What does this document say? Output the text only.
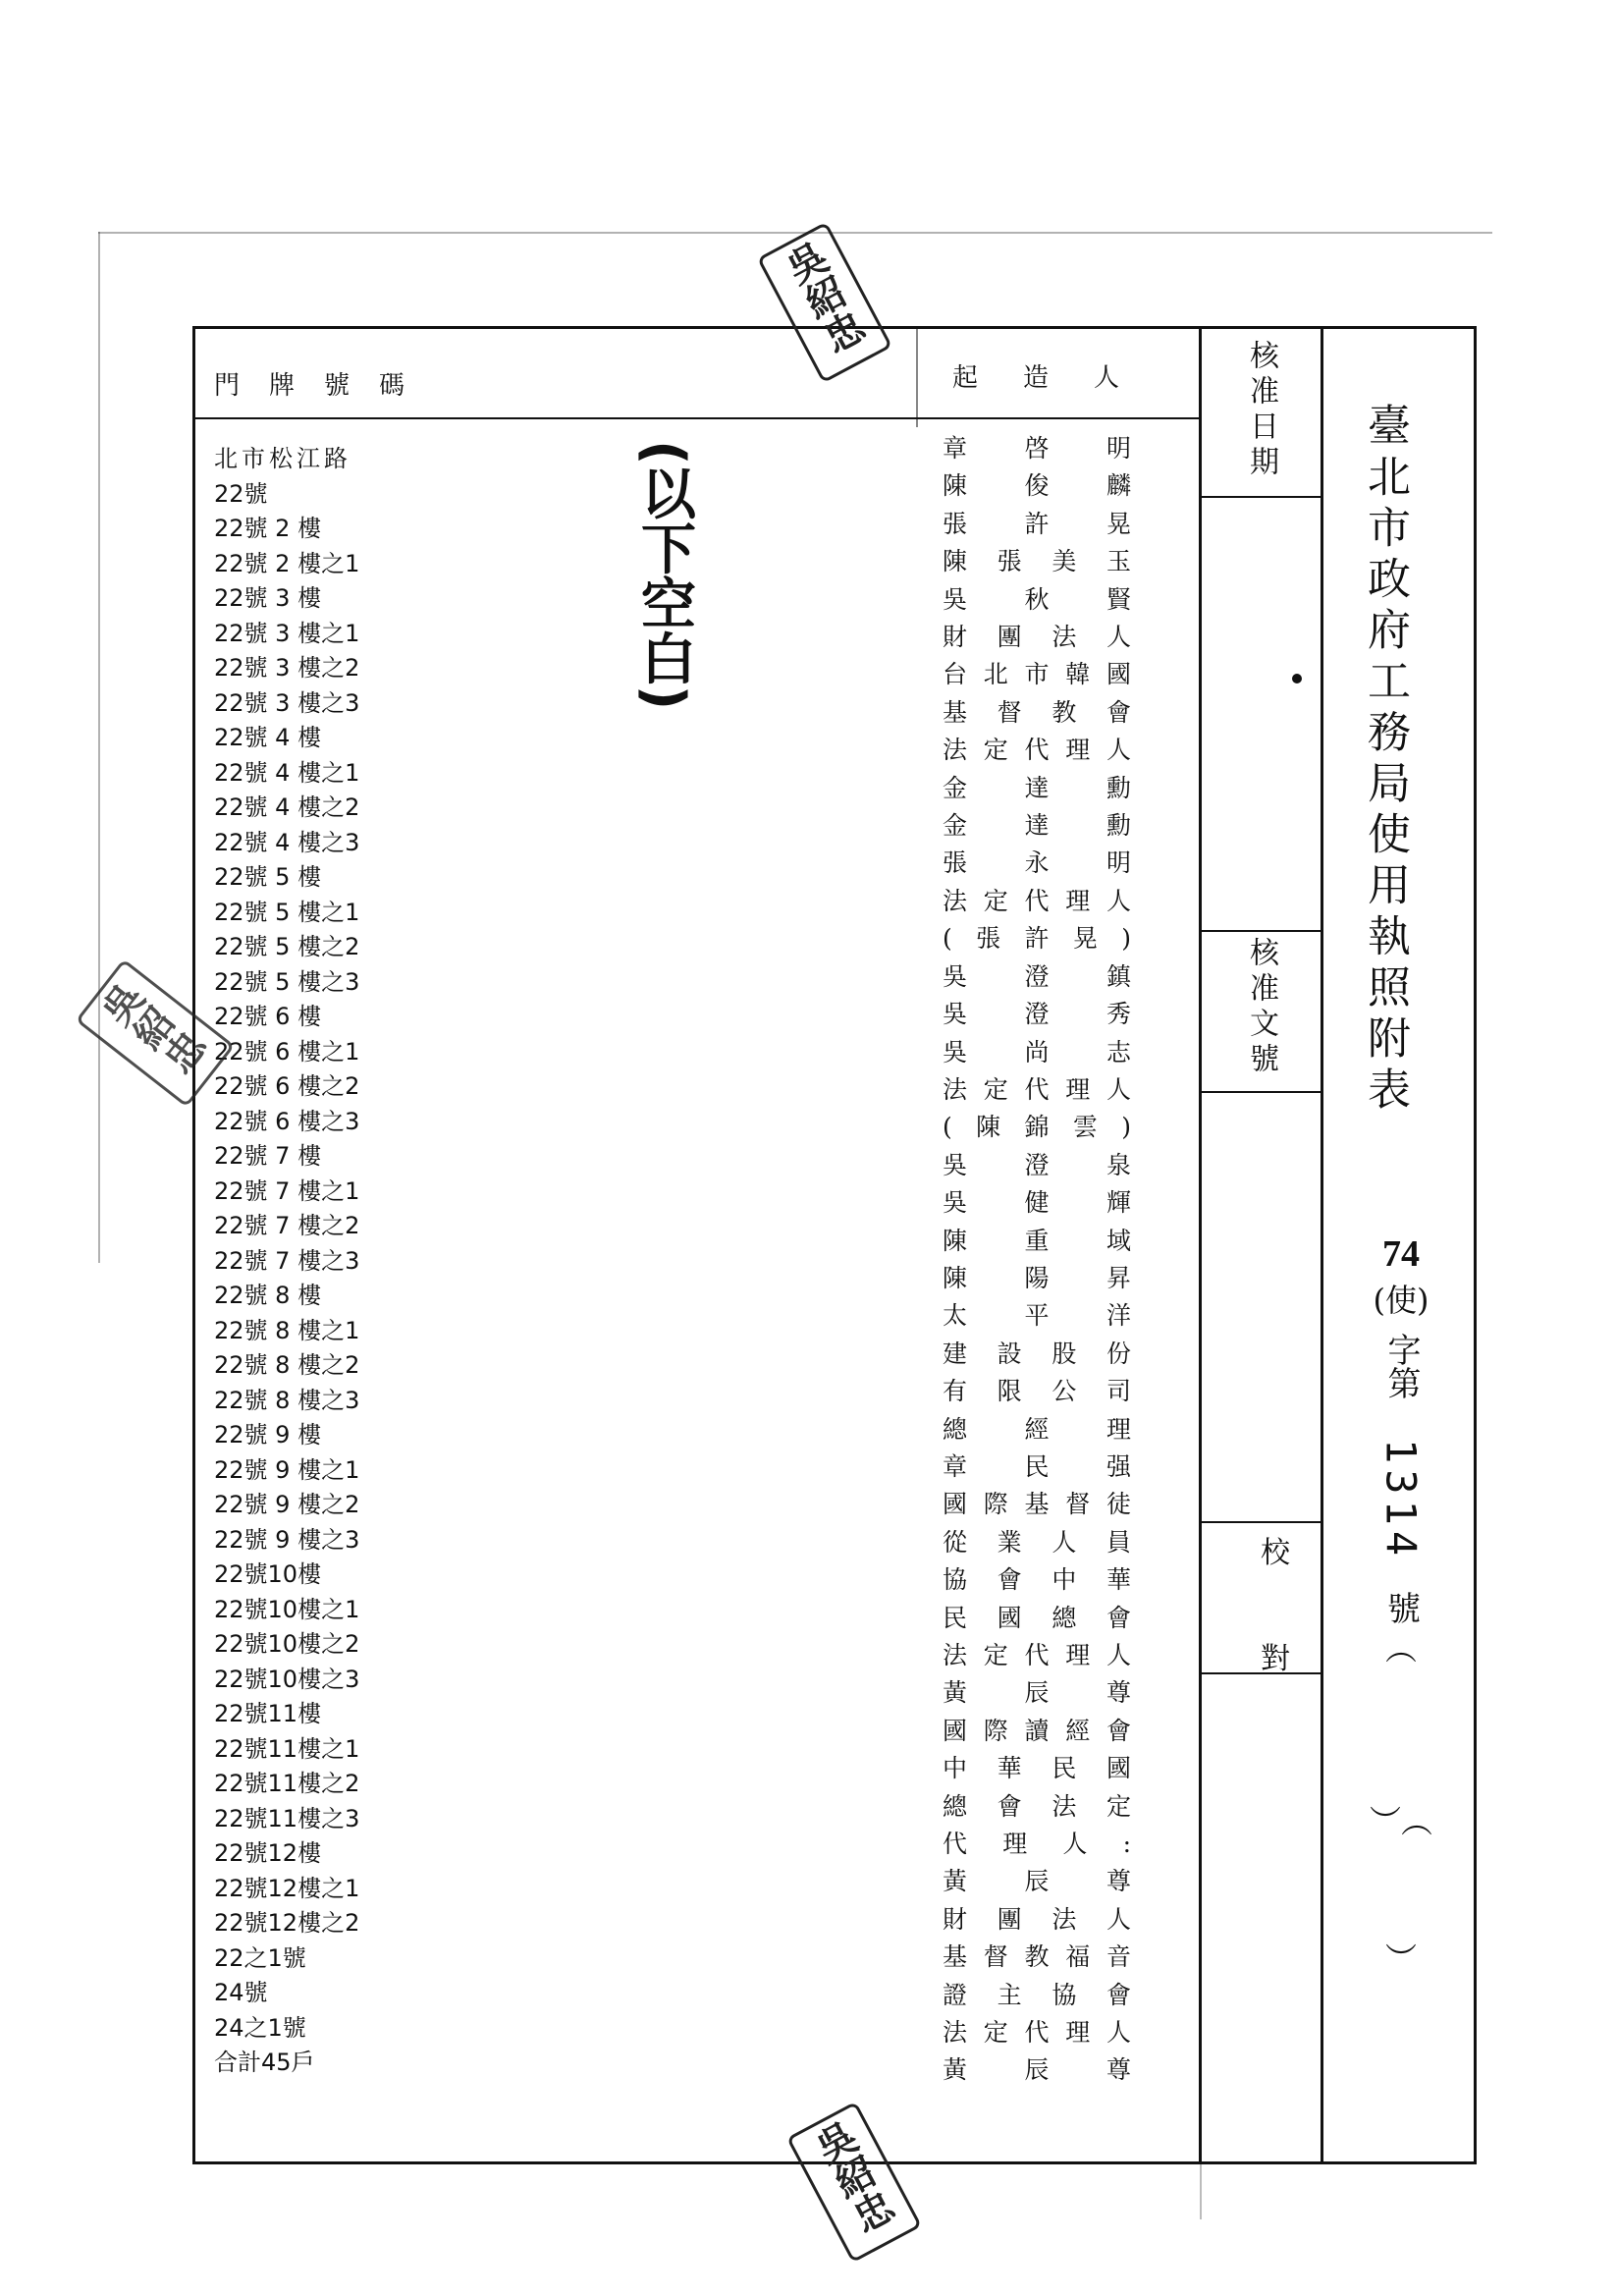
門牌號碼	起造人	核准日期
核准文號
校
對
臺北市政府工務局使用執照附表
74
(使)
字第
1314
號
︵
︶︵
︶
(以下空白)
北市松江路
22號
22號 2 樓
22號 2 樓之1
22號 3 樓
22號 3 樓之1
22號 3 樓之2
22號 3 樓之3
22號 4 樓
22號 4 樓之1
22號 4 樓之2
22號 4 樓之3
22號 5 樓
22號 5 樓之1
22號 5 樓之2
22號 5 樓之3
22號 6 樓
22號 6 樓之1
22號 6 樓之2
22號 6 樓之3
22號 7 樓
22號 7 樓之1
22號 7 樓之2
22號 7 樓之3
22號 8 樓
22號 8 樓之1
22號 8 樓之2
22號 8 樓之3
22號 9 樓
22號 9 樓之1
22號 9 樓之2
22號 9 樓之3
22號10樓
22號10樓之1
22號10樓之2
22號10樓之3
22號11樓
22號11樓之1
22號11樓之2
22號11樓之3
22號12樓
22號12樓之1
22號12樓之2
22之1號
24號
24之1號
合計45戶
章 啓 明
陳 俊 麟
張 許 晃
陳 張 美 玉
吳 秋 賢
財 團 法 人
台 北 市 韓 國
基 督 教 會
法 定 代 理 人
金 達 勳
金 達 勳
張 永 明
法 定 代 理 人
( 張 許 晃 )
吳 澄 鎮
吳 澄 秀
吳 尚 志
法 定 代 理 人
( 陳 錦 雲 )
吳 澄 泉
吳 健 輝
陳 重 域
陳 陽 昇
太 平 洋
建 設 股 份
有 限 公 司
總 經 理
章 民 强
國 際 基 督 徒
從 業 人 員
協 會 中 華
民 國 總 會
法 定 代 理 人
黃 辰 尊
國 際 讀 經 會
中 華 民 國
總 會 法 定
代 理 人 :
黃 辰 尊
財 團 法 人
基 督 教 福 音
證 主 協 會
法 定 代 理 人
黃 辰 尊
吳紹忠
吳紹忠
吳紹忠
